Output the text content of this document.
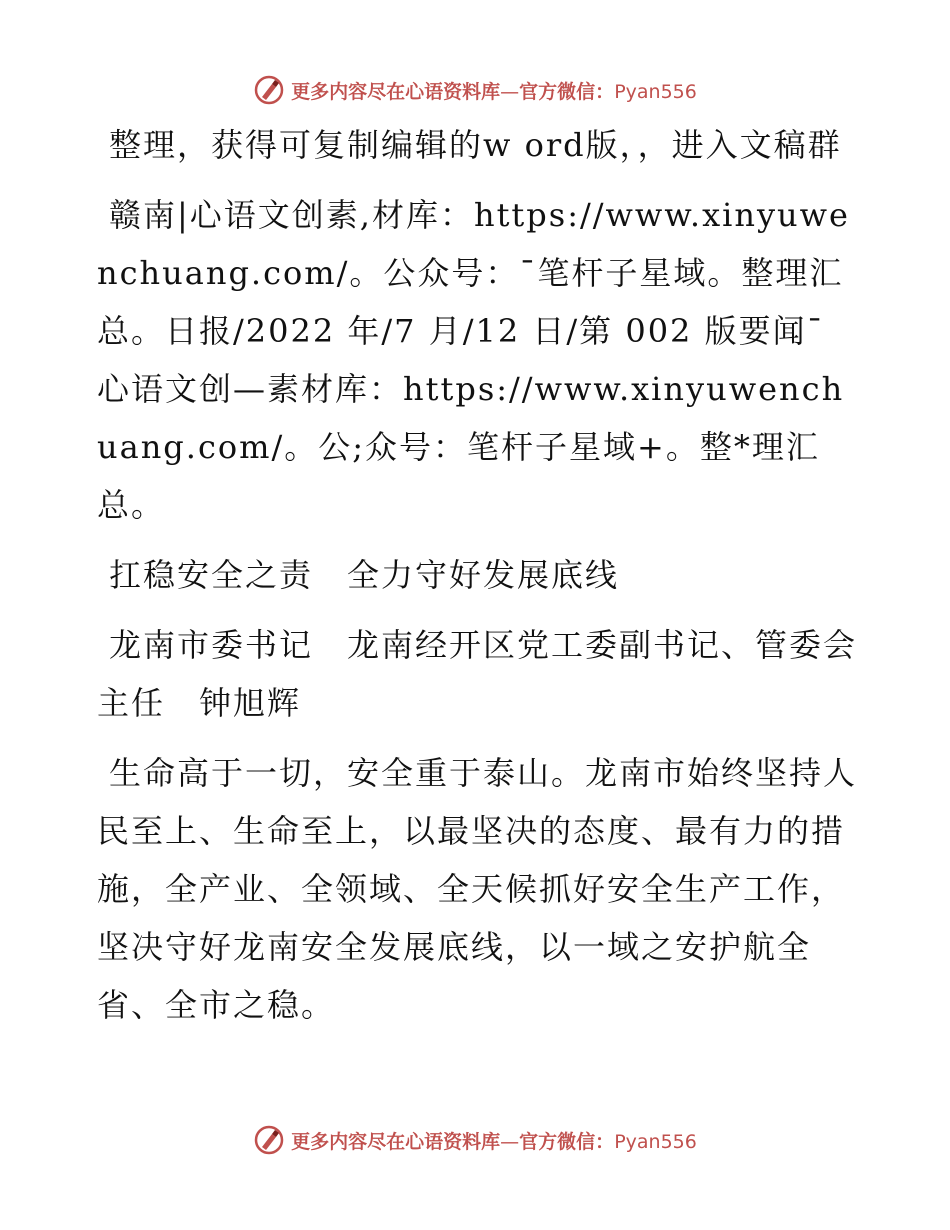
更多内容尽在心语资料库—官方微信：Pyan556

整理，获得可复制编辑的w ord版，，进入文稿群

赣南|心语文创素,材库：https://www.xinyuwenchuang.com/。公众号：¯笔杆子星域。整理汇总。日报/2022 年/7 月/12 日/第 002 版要闻¯心语文创—素材库：https://www.xinyuwenchuang.com/。公;众号：笔杆子星域+。整*理汇总。

扛稳安全之责　全力守好发展底线

龙南市委书记　龙南经开区党工委副书记、管委会主任　钟旭辉

生命高于一切，安全重于泰山。龙南市始终坚持人民至上、生命至上，以最坚决的态度、最有力的措施，全产业、全领域、全天候抓好安全生产工作，坚决守好龙南安全发展底线，以一域之安护航全省、全市之稳。

更多内容尽在心语资料库—官方微信：Pyan556
